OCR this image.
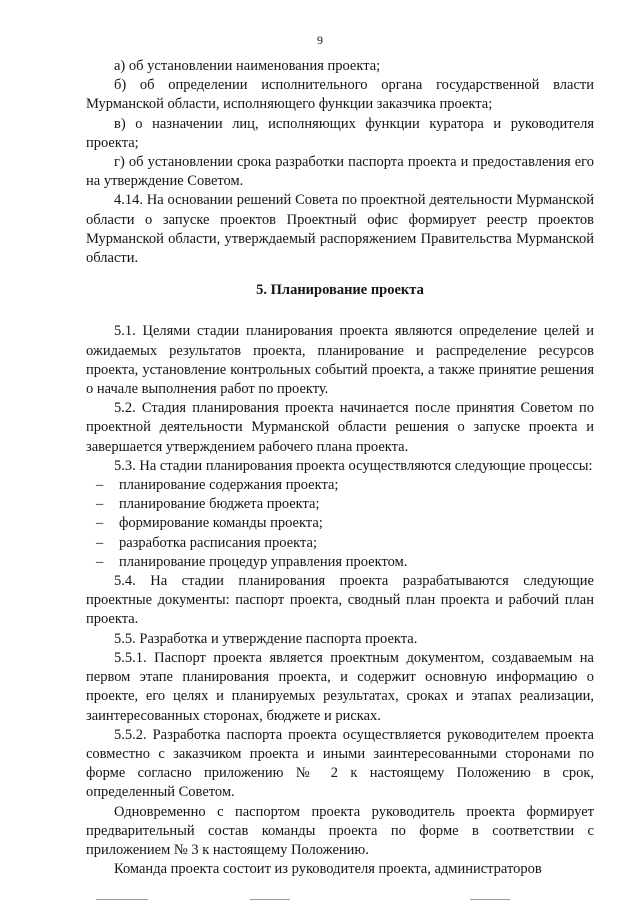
9

а) об установлении наименования проекта;

б) об определении исполнительного органа государственной власти Мурманской области, исполняющего функции заказчика проекта;

в) о назначении лиц, исполняющих функции куратора и руководителя проекта;

г) об установлении срока разработки паспорта проекта и предоставления его на утверждение Советом.

4.14. На основании решений Совета по проектной деятельности Мурманской области о запуске проектов Проектный офис формирует реестр проектов Мурманской области, утверждаемый распоряжением Правительства Мурманской области.

5. Планирование проекта

5.1. Целями стадии планирования проекта являются определение целей и ожидаемых результатов проекта, планирование и распределение ресурсов проекта, установление контрольных событий проекта, а также принятие решения о начале выполнения работ по проекту.

5.2. Стадия планирования проекта начинается после принятия Советом по проектной деятельности Мурманской области решения о запуске проекта и завершается утверждением рабочего плана проекта.

5.3. На стадии планирования проекта осуществляются следующие процессы:

– планирование содержания проекта;
– планирование бюджета проекта;
– формирование команды проекта;
– разработка расписания проекта;
– планирование процедур управления проектом.

5.4. На стадии планирования проекта разрабатываются следующие проектные документы: паспорт проекта, сводный план проекта и рабочий план проекта.

5.5. Разработка и утверждение паспорта проекта.

5.5.1. Паспорт проекта является проектным документом, создаваемым на первом этапе планирования проекта, и содержит основную информацию о проекте, его целях и планируемых результатах, сроках и этапах реализации, заинтересованных сторонах, бюджете и рисках.

5.5.2. Разработка паспорта проекта осуществляется руководителем проекта совместно с заказчиком проекта и иными заинтересованными сторонами по форме согласно приложению № 2 к настоящему Положению в срок, определенный Советом.

Одновременно с паспортом проекта руководитель проекта формирует предварительный состав команды проекта по форме в соответствии с приложением № 3 к настоящему Положению.

Команда проекта состоит из руководителя проекта, администраторов
